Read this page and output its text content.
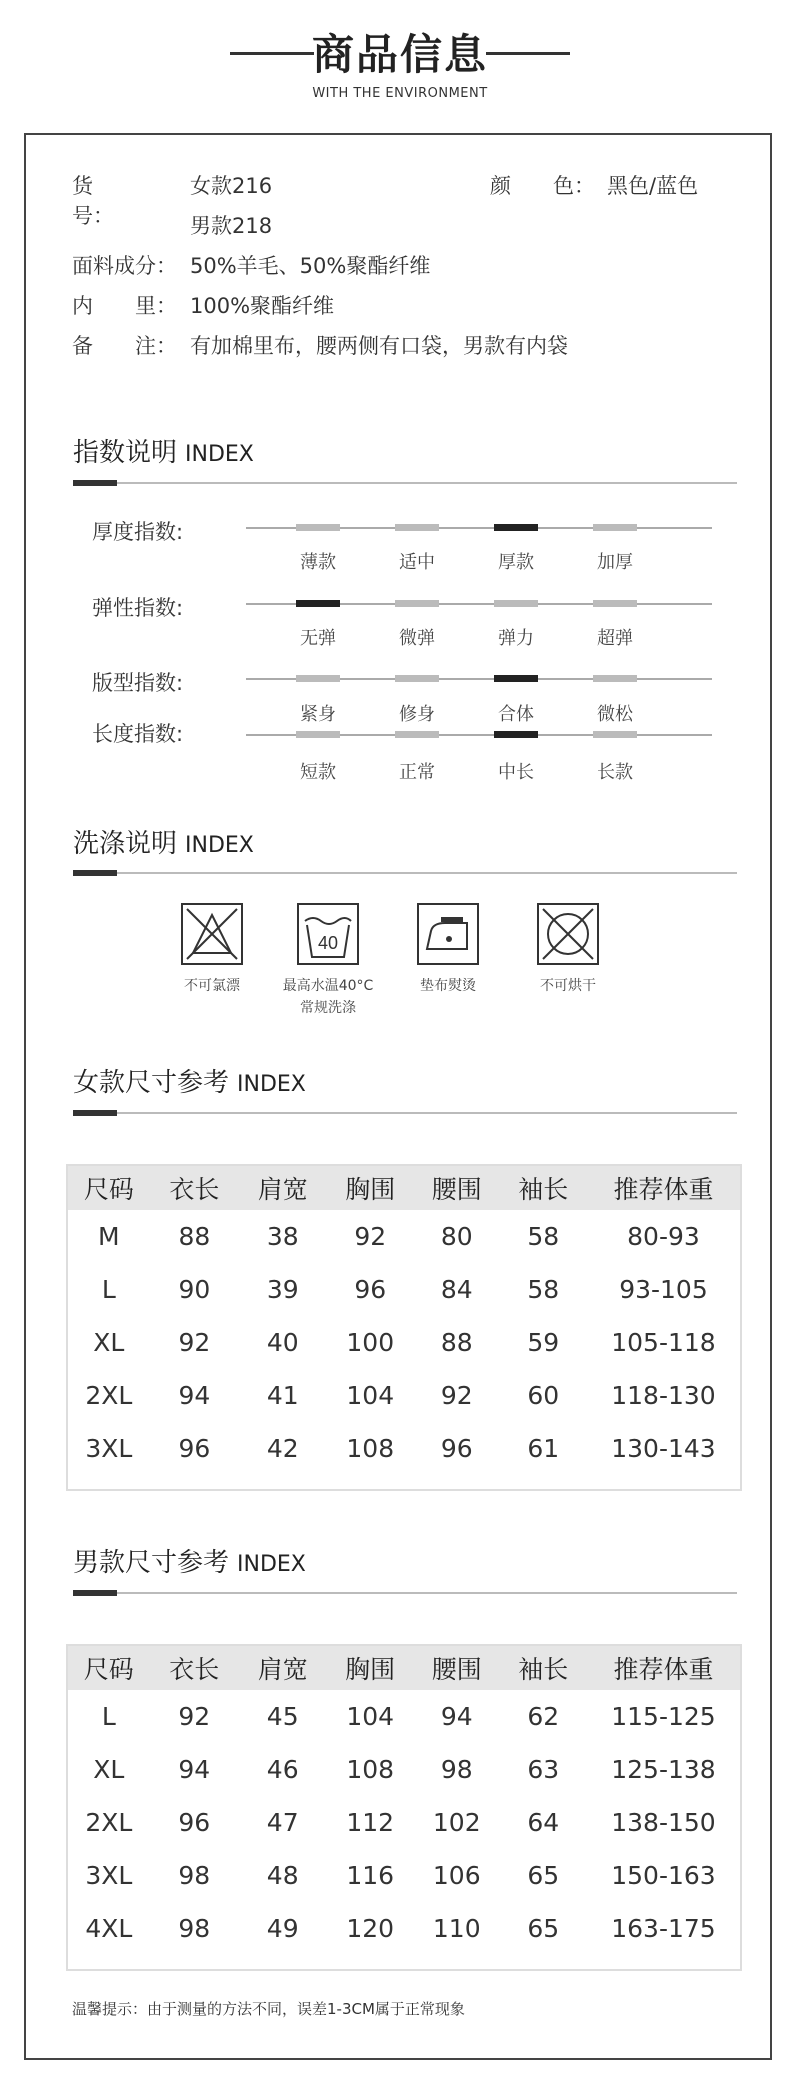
商品信息
WITH THE ENVIRONMENT
货　　号：
女款216
男款218
颜　　色： 黑色/蓝色
面料成分： 50%羊毛、50%聚酯纤维
内　　里： 100%聚酯纤维
备　　注： 有加棉里布，腰两侧有口袋，男款有内袋
指数说明 INDEX
厚度指数:
薄款	适中	厚款	加厚
弹性指数:
无弹	微弹	弹力	超弹
版型指数:
紧身	修身	合体	微松
长度指数:
短款	正常	中长	长款
洗涤说明 INDEX
不可氯漂
40
最高水温40°C
常规洗涤
垫布熨烫	不可烘干
女款尺寸参考 INDEX
尺码	衣长	肩宽	胸围	腰围	袖长	推荐体重
M	88	38	92	80	58	80-93
L	90	39	96	84	58	93-105
XL	92	40	100	88	59	105-118
2XL	94	41	104	92	60	118-130
3XL	96	42	108	96	61	130-143

男款尺寸参考 INDEX
尺码	衣长	肩宽	胸围	腰围	袖长	推荐体重
L	92	45	104	94	62	115-125
XL	94	46	108	98	63	125-138
2XL	96	47	112	102	64	138-150
3XL	98	48	116	106	65	150-163
4XL	98	49	120	110	65	163-175

温馨提示：由于测量的方法不同，误差1-3CM属于正常现象
